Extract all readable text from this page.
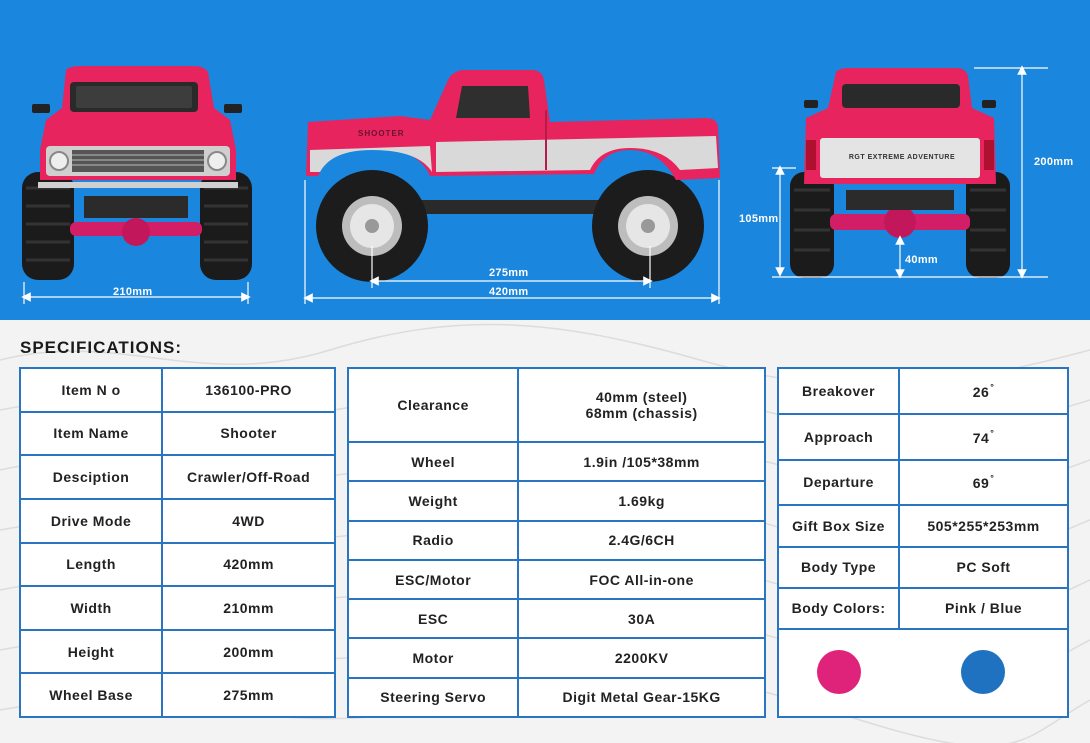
SHOOTER
210mm
275mm
420mm
200mm
105mm
40mm
RGT EXTREME ADVENTURE
SPECIFICATIONS:
Item N o	136100-PRO
Item Name	Shooter
Desciption	Crawler/Off-Road
Drive Mode	4WD
Length	420mm
Width	210mm
Height	200mm
Wheel Base	275mm
Clearance	40mm (steel)
68mm (chassis)

Wheel	1.9in /105*38mm
Weight	1.69kg
Radio	2.4G/6CH
ESC/Motor	FOC All-in-one
ESC	30A
Motor	2200KV
Steering Servo	Digit Metal Gear-15KG
Breakover	26°
Approach	74°
Departure	69°
Gift Box Size	505*255*253mm
Body Type	PC Soft
Body Colors:	Pink / Blue
